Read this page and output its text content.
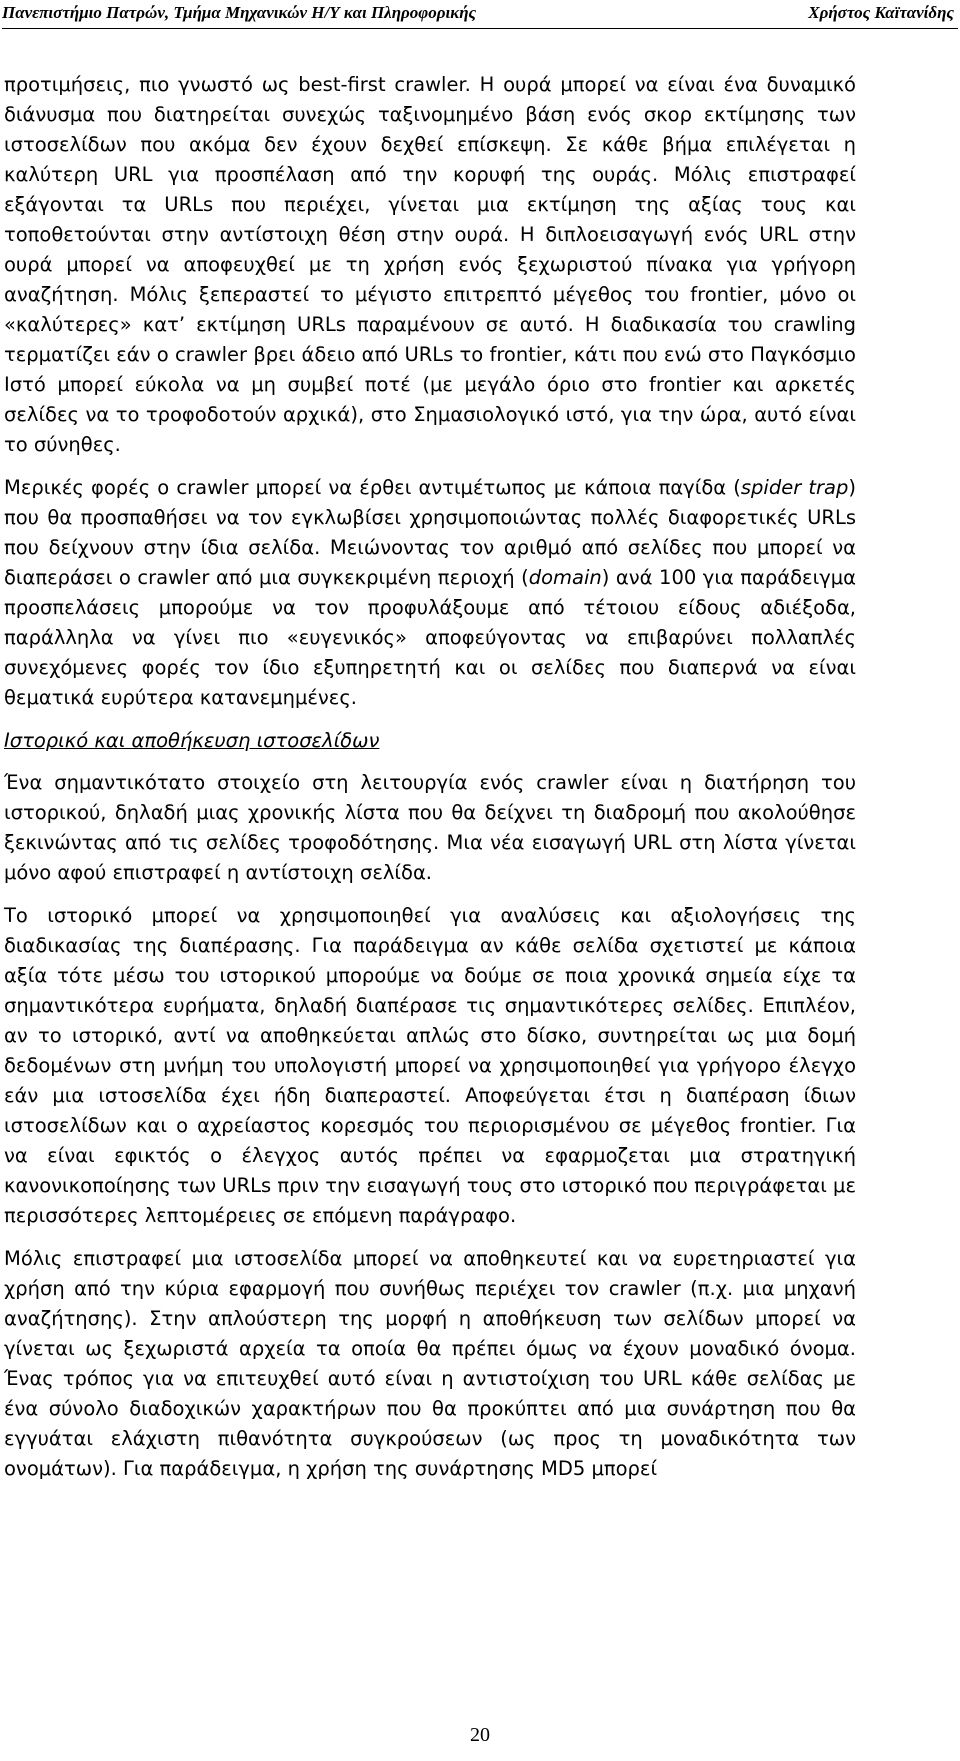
Πανεπιστήμιο Πατρών, Τμήμα Μηχανικών Η/Υ και Πληροφορικής	Χρήστος Καϊτανίδης

προτιμήσεις, πιο γνωστό ως best-first crawler. Η ουρά μπορεί να είναι ένα δυναμικό διάνυσμα που διατηρείται συνεχώς ταξινομημένο βάση ενός σκορ εκτίμησης των ιστοσελίδων που ακόμα δεν έχουν δεχθεί επίσκεψη. Σε κάθε βήμα επιλέγεται η καλύτερη URL για προσπέλαση από την κορυφή της ουράς. Μόλις επιστραφεί εξάγονται τα URLs που περιέχει, γίνεται μια εκτίμηση της αξίας τους και τοποθετούνται στην αντίστοιχη θέση στην ουρά. Η διπλοεισαγωγή ενός URL στην ουρά μπορεί να αποφευχθεί με τη χρήση ενός ξεχωριστού πίνακα για γρήγορη αναζήτηση. Μόλις ξεπεραστεί το μέγιστο επιτρεπτό μέγεθος του frontier, μόνο οι «καλύτερες» κατ’ εκτίμηση URLs παραμένουν σε αυτό. Η διαδικασία του crawling τερματίζει εάν ο crawler βρει άδειο από URLs το frontier, κάτι που ενώ στο Παγκόσμιο Ιστό μπορεί εύκολα να μη συμβεί ποτέ (με μεγάλο όριο στο frontier και αρκετές σελίδες να το τροφοδοτούν αρχικά), στο Σημασιολογικό ιστό, για την ώρα, αυτό είναι το σύνηθες.

Μερικές φορές ο crawler μπορεί να έρθει αντιμέτωπος με κάποια παγίδα (spider trap) που θα προσπαθήσει να τον εγκλωβίσει χρησιμοποιώντας πολλές διαφορετικές URLs που δείχνουν στην ίδια σελίδα. Μειώνοντας τον αριθμό από σελίδες που μπορεί να διαπεράσει ο crawler από μια συγκεκριμένη περιοχή (domain) ανά 100 για παράδειγμα προσπελάσεις μπορούμε να τον προφυλάξουμε από τέτοιου είδους αδιέξοδα, παράλληλα να γίνει πιο «ευγενικός» αποφεύγοντας να επιβαρύνει πολλαπλές συνεχόμενες φορές τον ίδιο εξυπηρετητή και οι σελίδες που διαπερνά να είναι θεματικά ευρύτερα κατανεμημένες.

Ιστορικό και αποθήκευση ιστοσελίδων

Ένα σημαντικότατο στοιχείο στη λειτουργία ενός crawler είναι η διατήρηση του ιστορικού, δηλαδή μιας χρονικής λίστα που θα δείχνει τη διαδρομή που ακολούθησε ξεκινώντας από τις σελίδες τροφοδότησης. Μια νέα εισαγωγή URL στη λίστα γίνεται μόνο αφού επιστραφεί η αντίστοιχη σελίδα.

Το ιστορικό μπορεί να χρησιμοποιηθεί για αναλύσεις και αξιολογήσεις της διαδικασίας της διαπέρασης. Για παράδειγμα αν κάθε σελίδα σχετιστεί με κάποια αξία τότε μέσω του ιστορικού μπορούμε να δούμε σε ποια χρονικά σημεία είχε τα σημαντικότερα ευρήματα, δηλαδή διαπέρασε τις σημαντικότερες σελίδες. Επιπλέον, αν το ιστορικό, αντί να αποθηκεύεται απλώς στο δίσκο, συντηρείται ως μια δομή δεδομένων στη μνήμη του υπολογιστή μπορεί να χρησιμοποιηθεί για γρήγορο έλεγχο εάν μια ιστοσελίδα έχει ήδη διαπεραστεί. Αποφεύγεται έτσι η διαπέραση ίδιων ιστοσελίδων και ο αχρείαστος κορεσμός του περιορισμένου σε μέγεθος frontier. Για να είναι εφικτός ο έλεγχος αυτός πρέπει να εφαρμοζεται μια στρατηγική κανονικοποίησης των URLs πριν την εισαγωγή τους στο ιστορικό που περιγράφεται με περισσότερες λεπτομέρειες σε επόμενη παράγραφο.

Μόλις επιστραφεί μια ιστοσελίδα μπορεί να αποθηκευτεί και να ευρετηριαστεί για χρήση από την κύρια εφαρμογή που συνήθως περιέχει τον crawler (π.χ. μια μηχανή αναζήτησης). Στην απλούστερη της μορφή η αποθήκευση των σελίδων μπορεί να γίνεται ως ξεχωριστά αρχεία τα οποία θα πρέπει όμως να έχουν μοναδικό όνομα. Ένας τρόπος για να επιτευχθεί αυτό είναι η αντιστοίχιση του URL κάθε σελίδας με ένα σύνολο διαδοχικών χαρακτήρων που θα προκύπτει από μια συνάρτηση που θα εγγυάται ελάχιστη πιθανότητα συγκρούσεων (ως προς τη μοναδικότητα των ονομάτων). Για παράδειγμα, η χρήση της συνάρτησης MD5 μπορεί

20
